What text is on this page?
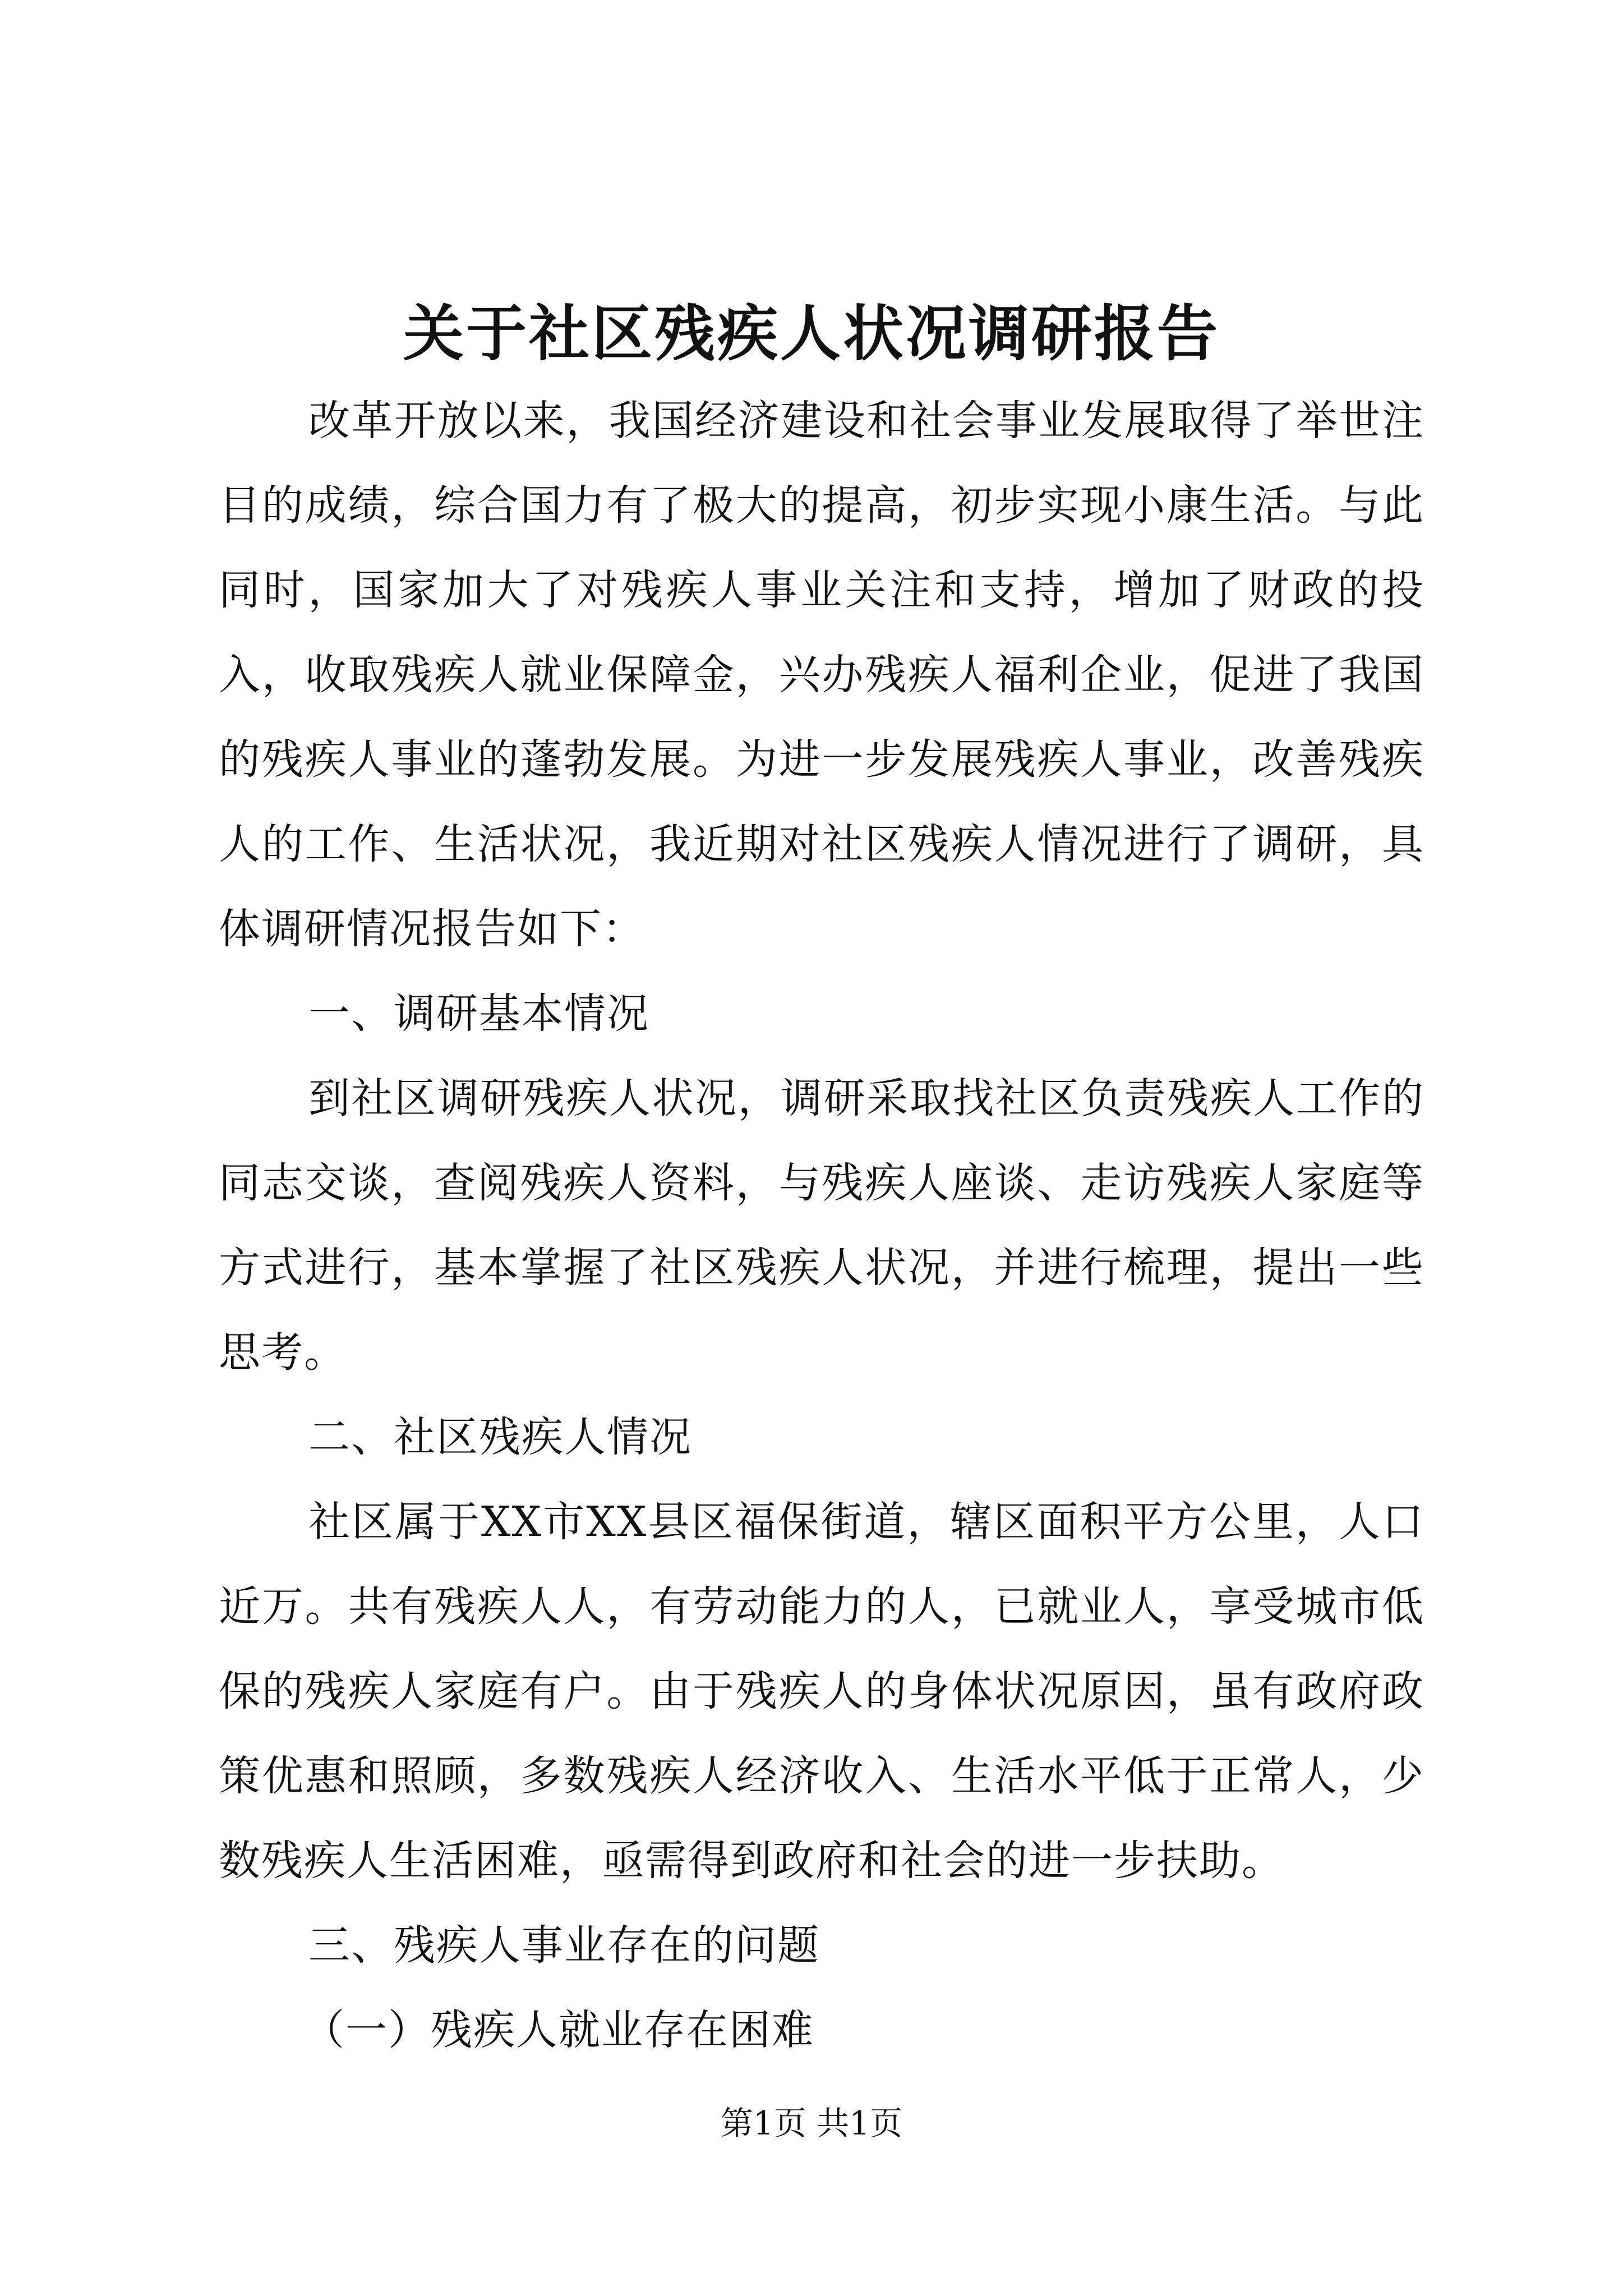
关于社区残疾人状况调研报告

改革开放以来，我国经济建设和社会事业发展取得了举世注目的成绩，综合国力有了极大的提高，初步实现小康生活。与此同时，国家加大了对残疾人事业关注和支持，增加了财政的投入，收取残疾人就业保障金，兴办残疾人福利企业，促进了我国的残疾人事业的蓬勃发展。为进一步发展残疾人事业，改善残疾人的工作、生活状况，我近期对社区残疾人情况进行了调研，具体调研情况报告如下：

一、调研基本情况

到社区调研残疾人状况，调研采取找社区负责残疾人工作的同志交谈，查阅残疾人资料，与残疾人座谈、走访残疾人家庭等方式进行，基本掌握了社区残疾人状况，并进行梳理，提出一些思考。

二、社区残疾人情况

社区属于XX市XX县区福保街道，辖区面积平方公里，人口近万。共有残疾人人，有劳动能力的人，已就业人，享受城市低保的残疾人家庭有户。由于残疾人的身体状况原因，虽有政府政策优惠和照顾，多数残疾人经济收入、生活水平低于正常人，少数残疾人生活困难，亟需得到政府和社会的进一步扶助。

三、残疾人事业存在的问题

（一）残疾人就业存在困难

第1页 共1页
